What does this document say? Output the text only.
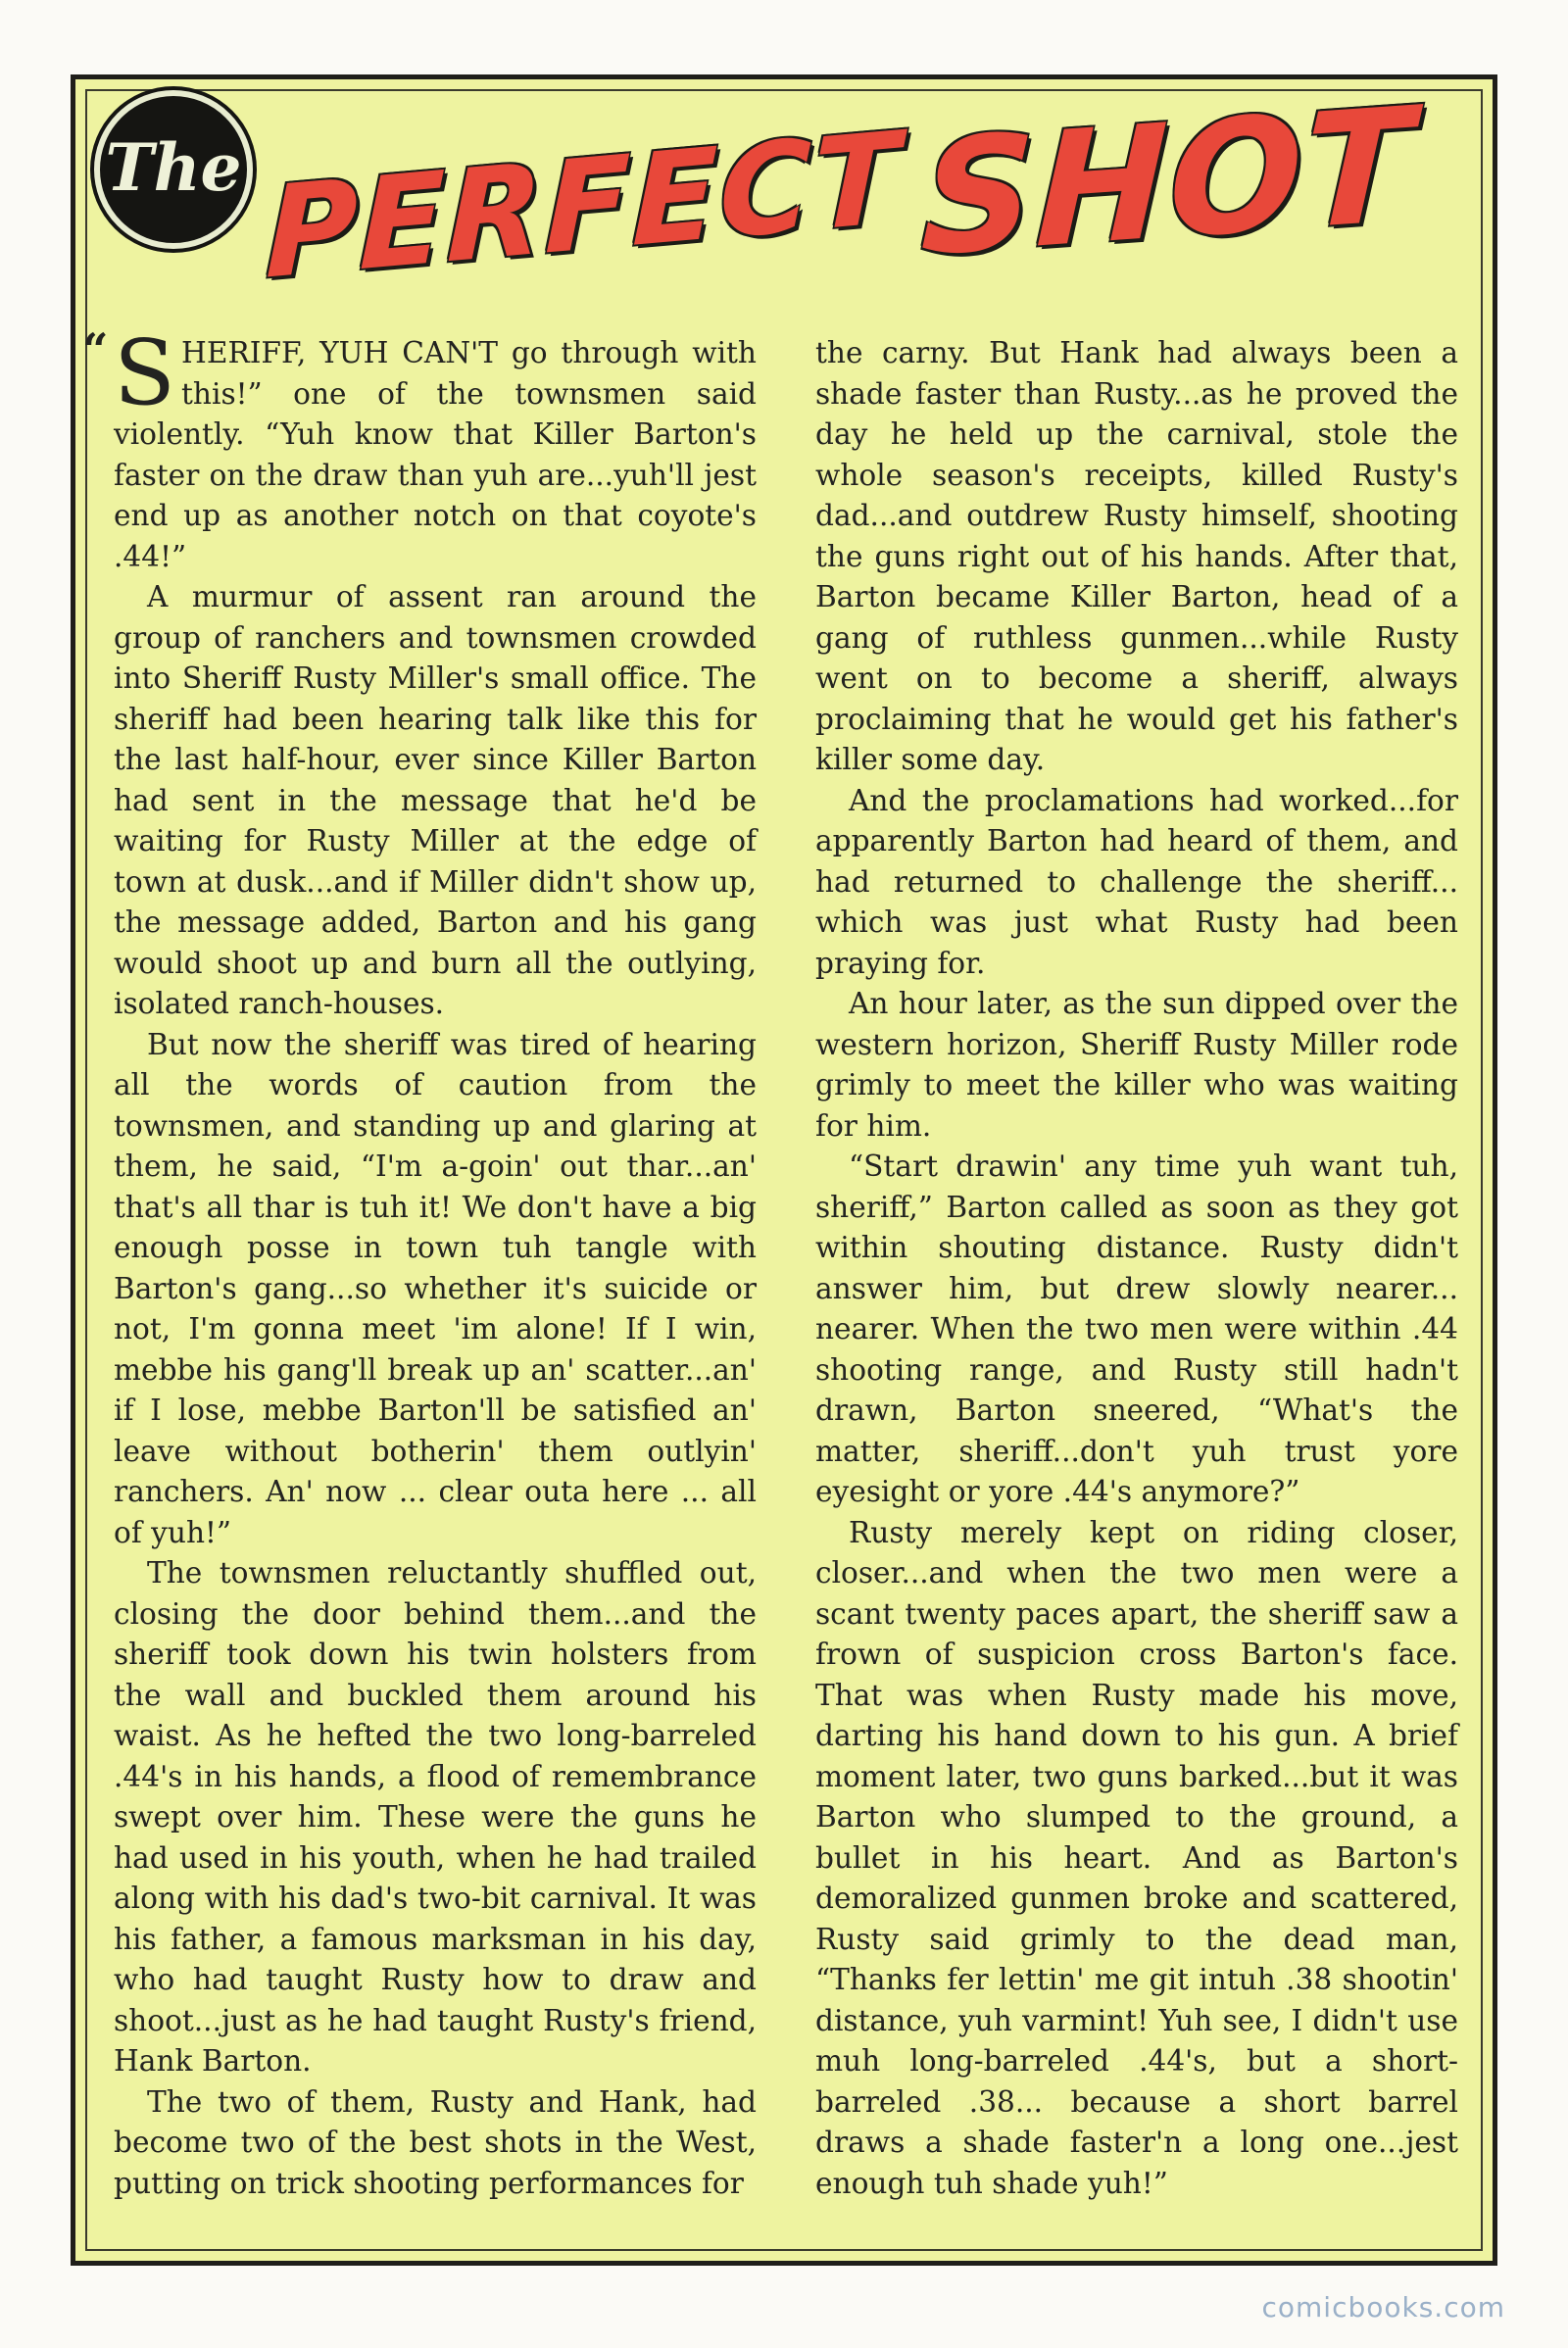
The PERFECT SHOT
“ SHERIFF, YUH CAN'T go through with this!” one of the townsmen said violently. “Yuh know that Killer Barton's faster on the draw than yuh are...yuh'll jest end up as another notch on that coyote's .44!”

A murmur of assent ran around the group of ranchers and townsmen crowded into Sheriff Rusty Miller's small office. The sheriff had been hearing talk like this for the last half-hour, ever since Killer Barton had sent in the message that he'd be waiting for Rusty Miller at the edge of town at dusk...and if Miller didn't show up, the message added, Barton and his gang would shoot up and burn all the outlying, isolated ranch-houses.

But now the sheriff was tired of hearing all the words of caution from the townsmen, and standing up and glaring at them, he said, “I'm a-goin' out thar...an' that's all thar is tuh it! We don't have a big enough posse in town tuh tangle with Barton's gang...so whether it's suicide or not, I'm gonna meet 'im alone! If I win, mebbe his gang'll break up an' scatter...an' if I lose, mebbe Barton'll be satisfied an' leave without botherin' them outlyin' ranchers. An' now ... clear outa here ... all of yuh!”

The townsmen reluctantly shuffled out, closing the door behind them...and the sheriff took down his twin holsters from the wall and buckled them around his waist. As he hefted the two long-barreled .44's in his hands, a flood of remembrance swept over him. These were the guns he had used in his youth, when he had trailed along with his dad's two-bit carnival. It was his father, a famous marksman in his day, who had taught Rusty how to draw and shoot...just as he had taught Rusty's friend, Hank Barton.

The two of them, Rusty and Hank, had become two of the best shots in the West, putting on trick shooting performances for

the carny. But Hank had always been a shade faster than Rusty...as he proved the day he held up the carnival, stole the whole season's receipts, killed Rusty's dad...and outdrew Rusty himself, shooting the guns right out of his hands. After that, Barton became Killer Barton, head of a gang of ruthless gunmen...while Rusty went on to become a sheriff, always proclaiming that he would get his father's killer some day.

And the proclamations had worked...for apparently Barton had heard of them, and had returned to challenge the sheriff... which was just what Rusty had been praying for.

An hour later, as the sun dipped over the western horizon, Sheriff Rusty Miller rode grimly to meet the killer who was waiting for him.

“Start drawin' any time yuh want tuh, sheriff,” Barton called as soon as they got within shouting distance. Rusty didn't answer him, but drew slowly nearer... nearer. When the two men were within .44 shooting range, and Rusty still hadn't drawn, Barton sneered, “What's the matter, sheriff...don't yuh trust yore eyesight or yore .44's anymore?”

Rusty merely kept on riding closer, closer...and when the two men were a scant twenty paces apart, the sheriff saw a frown of suspicion cross Barton's face. That was when Rusty made his move, darting his hand down to his gun. A brief moment later, two guns barked...but it was Barton who slumped to the ground, a bullet in his heart. And as Barton's demoralized gunmen broke and scattered, Rusty said grimly to the dead man, “Thanks fer lettin' me git intuh .38 shootin' distance, yuh varmint! Yuh see, I didn't use muh long-barreled .44's, but a short-barreled .38... because a short barrel draws a shade faster'n a long one...jest enough tuh shade yuh!”

comicbooks.com
